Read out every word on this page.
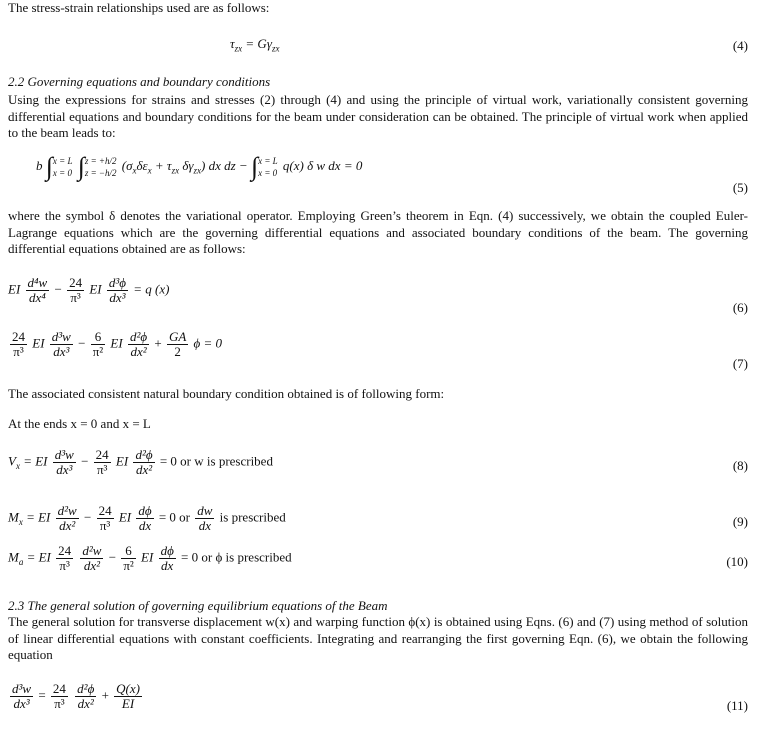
The stress-strain relationships used are as follows:
$\tau_{zx} = G\gamma_{zx}$	(4)
2.2 Governing equations and boundary conditions
Using the expressions for strains and stresses (2) through (4) and using the principle of virtual work, variationally consistent governing differential equations and boundary conditions for the beam under consideration can be obtained. The principle of virtual work when applied to the beam leads to:
b ∫ x = L
x = 0 ∫ z = +h/2
z = −h/2
($\sigma_x\delta\varepsilon_x + \tau_{zx}$ $\delta\gamma_{zx}$) dx dz − ∫ x = L
x = 0
q(x) δ w dx = 0
(5)
where the symbol δ denotes the variational operator. Employing Green’s theorem in Eqn. (4) successively, we obtain the coupled Euler-Lagrange equations which are the governing differential equations and associated boundary conditions of the beam. The governing differential equations obtained are as follows:
EI $\frac{\text{d⁴w}}{\text{dx⁴}} - \frac{24}{\text{π³}}$ EI $\frac{\text{d³ϕ}}{\text{dx³}} = q$ (x)
(6)
$\frac{24}{\text{π³}}$ EI $\frac{\text{d³w}}{\text{dx³}} - \frac{6}{\text{π²}}$ EI $\frac{\text{d²ϕ}}{\text{dx²}} + \frac{GA}{2}$ ϕ = 0
(7)
The associated consistent natural boundary condition obtained is of following form:
At the ends x = 0 and x = L
$V_x$ = EI $\frac{\text{d³w}}{\text{dx³}} - \frac{24}{\text{π³}}$ EI $\frac{\text{d²ϕ}}{\text{dx²}} = 0$ or w is prescribed	(8)
$M_x$ = EI $\frac{\text{d²w}}{\text{dx²}} - \frac{24}{\text{π³}}$ EI $\frac{d\phi}{dx} = 0$ or $\frac{dw}{dx}$ is prescribed	(9)
$M_a$ = EI $\frac{24}{\text{π³}}$
$\frac{\text{d²w}}{\text{dx²}} - \frac{6}{\text{π²}}$ EI $\frac{d\phi}{dx} = 0$ or ϕ is prescribed	(10)
2.3 The general solution of governing equilibrium equations of the Beam
The general solution for transverse displacement w(x) and warping function ϕ(x) is obtained using Eqns. (6) and (7) using method of solution of linear differential equations with constant coefficients. Integrating and rearranging the first governing Eqn. (6), we obtain the following equation
$\frac{\text{d³w}}{\text{dx³}} = \frac{24}{\text{π³}}$
$\frac{\text{d²ϕ}}{\text{dx²}} + \frac{Q(x)}{EI}$	(11)
